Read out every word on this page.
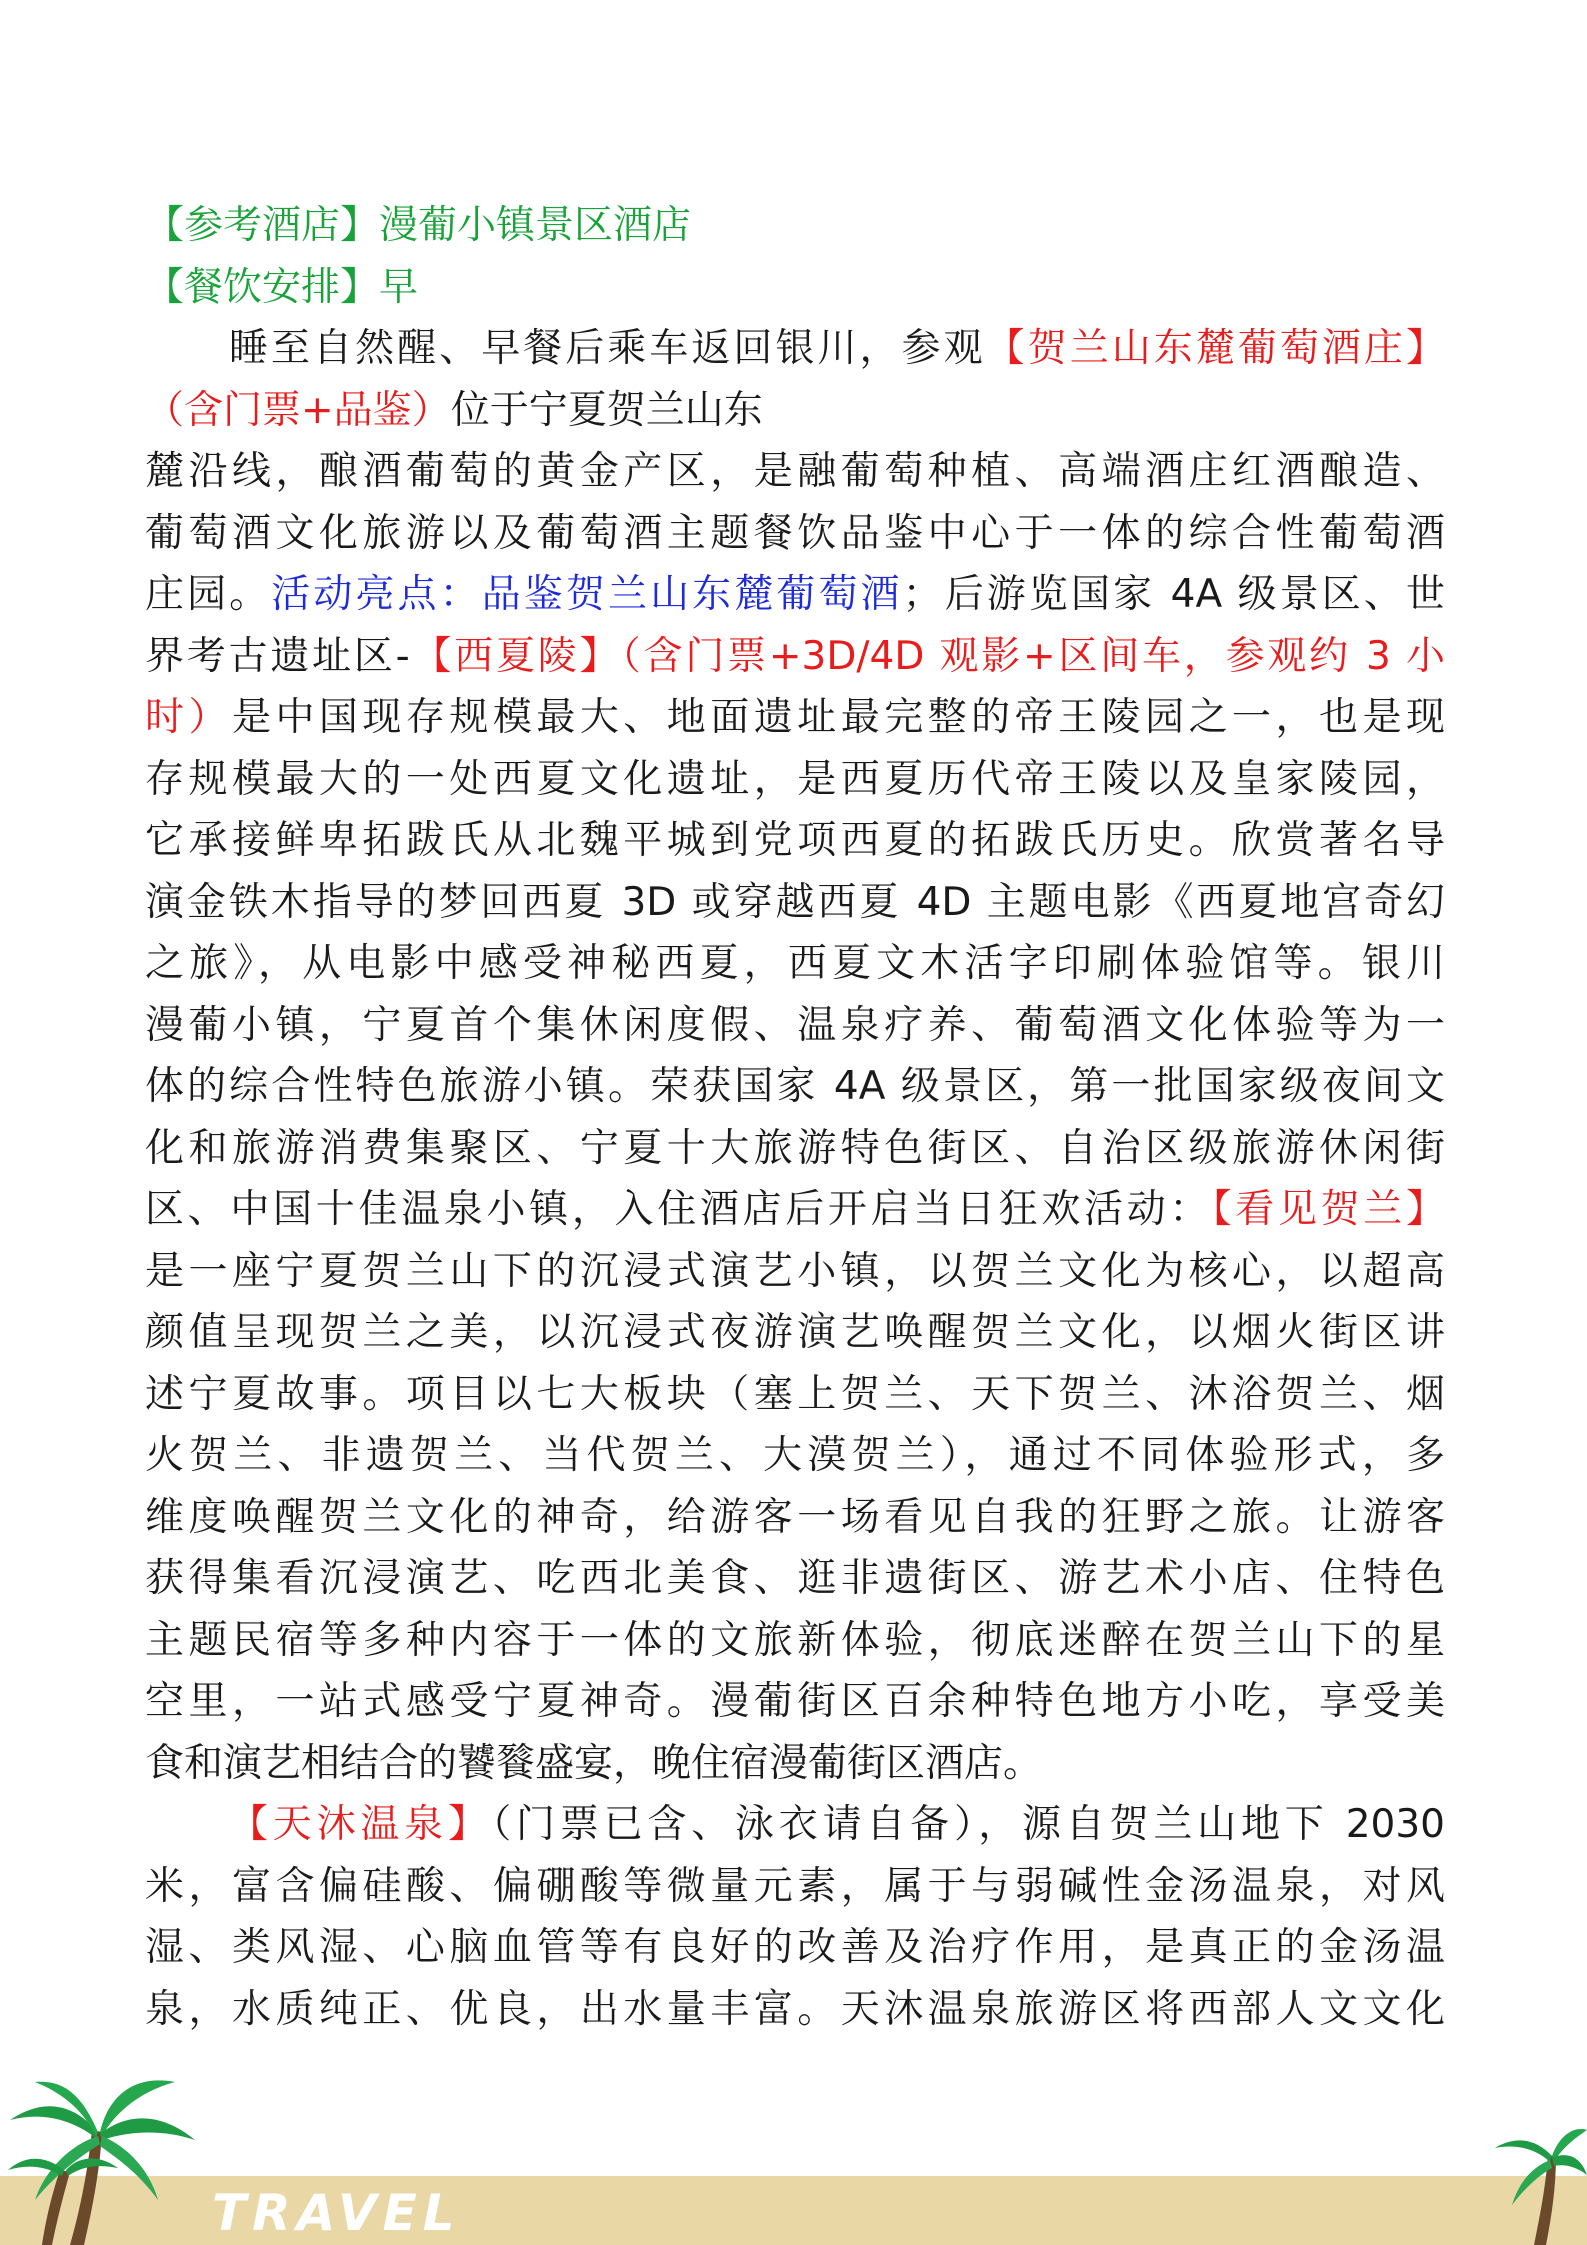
【参考酒店】漫葡小镇景区酒店
【餐饮安排】早
睡至自然醒、早餐后乘车返回银川，参观【贺兰山东麓葡萄酒庄】
（含门票+品鉴）位于宁夏贺兰山东
麓沿线，酿酒葡萄的黄金产区，是融葡萄种植、高端酒庄红酒酿造、
葡萄酒文化旅游以及葡萄酒主题餐饮品鉴中心于一体的综合性葡萄酒
庄园。活动亮点：品鉴贺兰山东麓葡萄酒；后游览国家 4A 级景区、世
界考古遗址区-【西夏陵】（含门票+3D/4D 观影+区间车，参观约 3 小
时）是中国现存规模最大、地面遗址最完整的帝王陵园之一，也是现
存规模最大的一处西夏文化遗址，是西夏历代帝王陵以及皇家陵园，
它承接鲜卑拓跋氏从北魏平城到党项西夏的拓跋氏历史。欣赏著名导
演金铁木指导的梦回西夏 3D 或穿越西夏 4D 主题电影《西夏地宫奇幻
之旅》，从电影中感受神秘西夏，西夏文木活字印刷体验馆等。银川
漫葡小镇，宁夏首个集休闲度假、温泉疗养、葡萄酒文化体验等为一
体的综合性特色旅游小镇。荣获国家 4A 级景区，第一批国家级夜间文
化和旅游消费集聚区、宁夏十大旅游特色街区、自治区级旅游休闲街
区、中国十佳温泉小镇，入住酒店后开启当日狂欢活动：【看见贺兰】
是一座宁夏贺兰山下的沉浸式演艺小镇，以贺兰文化为核心，以超高
颜值呈现贺兰之美，以沉浸式夜游演艺唤醒贺兰文化，以烟火街区讲
述宁夏故事。项目以七大板块（塞上贺兰、天下贺兰、沐浴贺兰、烟
火贺兰、非遗贺兰、当代贺兰、大漠贺兰），通过不同体验形式，多
维度唤醒贺兰文化的神奇，给游客一场看见自我的狂野之旅。让游客
获得集看沉浸演艺、吃西北美食、逛非遗街区、游艺术小店、住特色
主题民宿等多种内容于一体的文旅新体验，彻底迷醉在贺兰山下的星
空里，一站式感受宁夏神奇。漫葡街区百余种特色地方小吃，享受美
食和演艺相结合的饕餮盛宴，晚住宿漫葡街区酒店。
【天沐温泉】（门票已含、泳衣请自备），源自贺兰山地下 2030
米，富含偏硅酸、偏硼酸等微量元素，属于与弱碱性金汤温泉，对风
湿、类风湿、心脑血管等有良好的改善及治疗作用，是真正的金汤温
泉，水质纯正、优良，出水量丰富。天沐温泉旅游区将西部人文文化
TRAVEL
